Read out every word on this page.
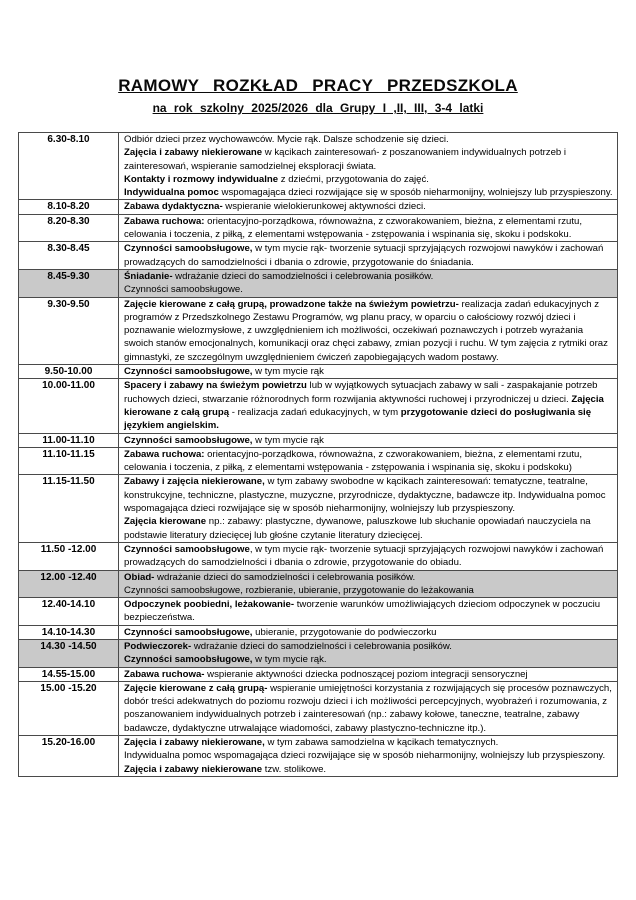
RAMOWY ROZKŁAD PRACY PRZEDSZKOLA
na rok szkolny 2025/2026 dla Grupy I ,II, III, 3-4 latki
6.30-8.10	Odbiór dzieci przez wychowawców. Mycie rąk. Dalsze schodzenie się dzieci.
Zajęcia i zabawy niekierowane w kącikach zainteresowań- z poszanowaniem indywidualnych potrzeb i zainteresowań, wspieranie samodzielnej eksploracji świata.
Kontakty i rozmowy indywidualne z dziećmi, przygotowania do zajęć.
Indywidualna pomoc wspomagająca dzieci rozwijające się w sposób nieharmonijny, wolniejszy lub przyspieszony.

8.10-8.20	Zabawa dydaktyczna- wspieranie wielokierunkowej aktywności dzieci.

8.20-8.30	Zabawa ruchowa: orientacyjno-porządkowa, równoważna, z czworakowaniem, bieżna, z elementami rzutu, celowania i toczenia, z piłką, z elementami wstępowania - zstępowania i wspinania się, skoku i podskoku.

8.30-8.45	Czynności samoobsługowe, w tym mycie rąk- tworzenie sytuacji sprzyjających rozwojowi nawyków i zachowań prowadzących do samodzielności i dbania o zdrowie, przygotowanie do śniadania.

8.45-9.30	Śniadanie- wdrażanie dzieci do samodzielności i celebrowania posiłków.
Czynności samoobsługowe.

9.30-9.50	Zajęcie kierowane z całą grupą, prowadzone także na świeżym powietrzu- realizacja zadań edukacyjnych z programów z Przedszkolnego Zestawu Programów, wg planu pracy, w oparciu o całościowy rozwój dzieci i poznawanie wielozmysłowe, z uwzględnieniem ich możliwości, oczekiwań poznawczych i potrzeb wyrażania swoich stanów emocjonalnych, komunikacji oraz chęci zabawy, zmian pozycji i ruchu. W tym zajęcia z rytmiki oraz gimnastyki, ze szczególnym uwzględnieniem ćwiczeń zapobiegających wadom postawy.

9.50-10.00	Czynności samoobsługowe, w tym mycie rąk

10.00-11.00	Spacery i zabawy na świeżym powietrzu lub w wyjątkowych sytuacjach zabawy w sali - zaspakajanie potrzeb ruchowych dzieci, stwarzanie różnorodnych form rozwijania aktywności ruchowej i przyrodniczej u dzieci. Zajęcia kierowane z całą grupą - realizacja zadań edukacyjnych, w tym przygotowanie dzieci do posługiwania się językiem angielskim.

11.00-11.10	Czynności samoobsługowe, w tym mycie rąk

11.10-11.15	Zabawa ruchowa: orientacyjno-porządkowa, równoważna, z czworakowaniem, bieżna, z elementami rzutu, celowania i toczenia, z piłką, z elementami wstępowania - zstępowania i wspinania się, skoku i podskoku)

11.15-11.50	Zabawy i zajęcia niekierowane, w tym zabawy swobodne w kącikach zainteresowań: tematyczne, teatralne, konstrukcyjne, techniczne, plastyczne, muzyczne, przyrodnicze, dydaktyczne, badawcze itp. Indywidualna pomoc wspomagająca dzieci rozwijające się w sposób nieharmonijny, wolniejszy lub przyspieszony.
Zajęcia kierowane np.: zabawy: plastyczne, dywanowe, paluszkowe lub słuchanie opowiadań nauczyciela na podstawie literatury dziecięcej lub głośne czytanie literatury dziecięcej.

11.50 -12.00	Czynności samoobsługowe, w tym mycie rąk- tworzenie sytuacji sprzyjających rozwojowi nawyków i zachowań prowadzących do samodzielności i dbania o zdrowie, przygotowanie do obiadu.

12.00 -12.40	Obiad- wdrażanie dzieci do samodzielności i celebrowania posiłków.
Czynności samoobsługowe, rozbieranie, ubieranie, przygotowanie do leżakowania

12.40-14.10	Odpoczynek poobiedni, leżakowanie- tworzenie warunków umożliwiających dzieciom odpoczynek w poczuciu bezpieczeństwa.

14.10-14.30	Czynności samoobsługowe, ubieranie, przygotowanie do podwieczorku

14.30 -14.50	Podwieczorek- wdrażanie dzieci do samodzielności i celebrowania posiłków.
Czynności samoobsługowe, w tym mycie rąk.

14.55-15.00	Zabawa ruchowa- wspieranie aktywności dziecka podnoszącej poziom integracji sensorycznej

15.00 -15.20	Zajęcie kierowane z całą grupą- wspieranie umiejętności korzystania z rozwijających się procesów poznawczych, dobór treści adekwatnych do poziomu rozwoju dzieci i ich możliwości percepcyjnych, wyobrażeń i rozumowania, z poszanowaniem indywidualnych potrzeb i zainteresowań (np.: zabawy kołowe, taneczne, teatralne, zabawy badawcze, dydaktyczne utrwalające wiadomości, zabawy plastyczno-techniczne itp.).

15.20-16.00	Zajęcia i zabawy niekierowane, w tym zabawa samodzielna w kącikach tematycznych.
Indywidualna pomoc wspomagająca dzieci rozwijające się w sposób nieharmonijny, wolniejszy lub przyspieszony.
Zajęcia i zabawy niekierowane tzw. stolikowe.
